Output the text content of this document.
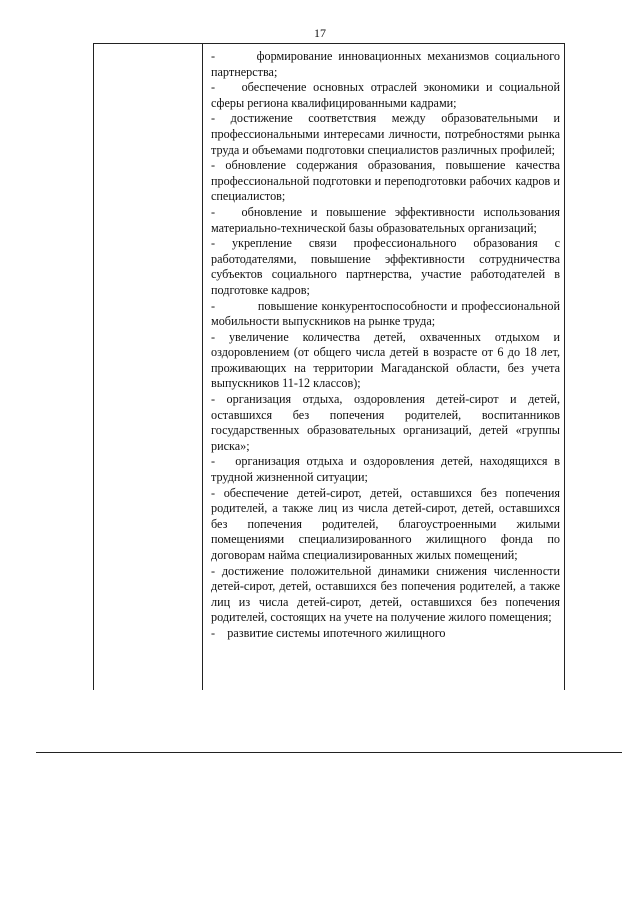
17

-       формирование инновационных механизмов социального партнерства;

-    обеспечение основных отраслей экономики и социальной сферы региона квалифицированными кадрами;

- достижение соответствия между образовательными и профессиональными интересами личности, потребностями рынка труда и объемами подготовки специалистов различных профилей;

- обновление содержания образования, повышение качества профессиональной подготовки и переподготовки рабочих кадров и специалистов;

-   обновление и повышение эффективности использования материально-технической базы образовательных организаций;

- укрепление связи профессионального образования с работодателями, повышение эффективности сотрудничества субъектов социального партнерства, участие работодателей в подготовке кадров;

-           повышение конкурентоспособности и профессиональной мобильности выпускников на рынке труда;

- увеличение количества детей, охваченных отдыхом и оздоровлением (от общего числа детей в возрасте от 6 до 18 лет, проживающих на территории Магаданской области, без учета выпускников 11-12 классов);

- организация отдыха, оздоровления детей-сирот и детей, оставшихся без попечения родителей, воспитанников государственных образовательных организаций, детей «группы риска»;

-   организация отдыха и оздоровления детей, находящихся в трудной жизненной ситуации;

- обеспечение детей-сирот, детей, оставшихся без попечения родителей, а также лиц из числа детей-сирот, детей, оставшихся без попечения родителей, благоустроенными жилыми помещениями специализированного жилищного фонда по договорам найма специализированных жилых помещений;

- достижение положительной динамики снижения численности детей-сирот, детей, оставшихся без попечения родителей, а также лиц из числа детей-сирот, детей, оставшихся без попечения родителей, состоящих на учете на получение жилого помещения;

-    развитие системы ипотечного жилищного
